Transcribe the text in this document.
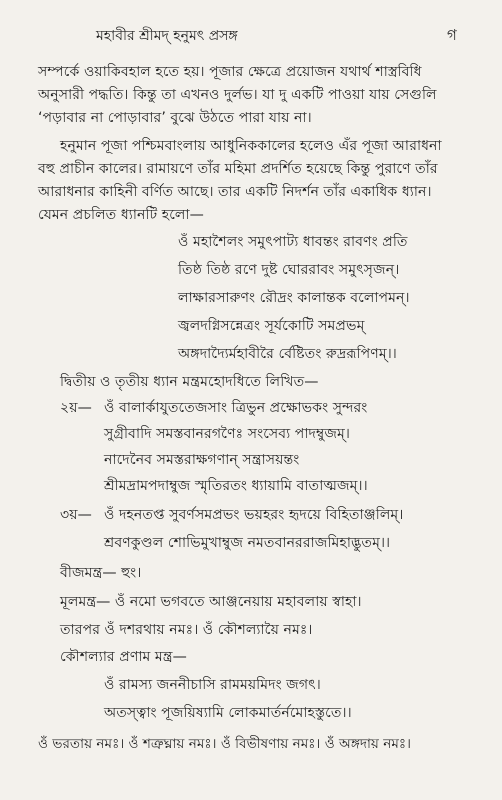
মহাবীর শ্রীমদ্‌ হনুমৎ প্রসঙ্গ	গ
সম্পর্কে ওয়াকিবহাল হতে হয়। পূজার ক্ষেত্রে প্রয়োজন যথার্থ শাস্ত্রবিধি
অনুসারী পদ্ধতি। কিন্তু তা এখনও দুর্লভ। যা দু একটি পাওয়া যায় সেগুলি
‘পড়াবার না পোড়াবার’ বুঝে উঠতে পারা যায় না।
হনুমান পূজা পশ্চিমবাংলায় আধুনিককালের হলেও এঁর পূজা আরাধনা
বহু প্রাচীন কালের। রামায়ণে তাঁর মহিমা প্রদর্শিত হয়েছে কিন্তু পুরাণে তাঁর
আরাধনার কাহিনী বর্ণিত আছে। তার একটি নিদর্শন তাঁর একাধিক ধ্যান।
যেমন প্রচলিত ধ্যানটি হলো—
ওঁ মহাশৈলং সমুৎপাট্য ধাবন্তং রাবণং প্রতি
তিষ্ঠ তিষ্ঠ রণে দুষ্ট ঘোররাবং সমুৎসৃজন্‌।
লাক্ষারসারুণং রৌদ্রং কালান্তক বলোপমন্‌।
জ্বলদগ্নিসন্নেত্রং সূর্যকোটি সমপ্রভম্‌
অঙ্গদাদ্যৈর্মহাবীরৈ র্বেষ্টিতং রুদ্ররূপিণম্‌।।
দ্বিতীয় ও তৃতীয় ধ্যান মন্ত্রমহোদধিতে লিখিত—
২য়— ওঁ বালার্কাযুততেজসাং ত্রিভুন প্রক্ষোভকং সুন্দরং
সুগ্রীবাদি সমস্তবানরগণৈঃ সংসেব্য পাদম্বুজম্‌।
নাদেনৈব সমস্তরাক্ষগণান্‌ সন্ত্রাসয়ন্তং
শ্রীমদ্রামপদাম্বুজ স্মৃতিরতং ধ্যায়ামি বাতাত্মজম্‌।।
৩য়— ওঁ দহনতপ্ত সুবর্ণসমপ্রভং ভয়হরং হৃদয়ে বিহিতাঞ্জলিম্‌।
শ্রবণকুণ্ডল শোভিমুখাম্বুজ নমতবানররাজমিহাদ্ভুতম্‌।।
বীজমন্ত্র— হুং।
মূলমন্ত্র— ওঁ নমো ভগবতে আঞ্জনেয়ায় মহাবলায় স্বাহা।
তারপর ওঁ দশরথায় নমঃ। ওঁ কৌশল্যায়ৈ নমঃ।
কৌশল্যার প্রণাম মন্ত্র—
ওঁ রামস্য জননীচাসি রামময়মিদং জগৎ।
অতস্ত্বাং পূজয়িষ্যামি লোকমার্তর্নমোহস্তুতে।।
ওঁ ভরতায় নমঃ। ওঁ শত্রুঘ্নায় নমঃ। ওঁ বিভীষণায় নমঃ। ওঁ অঙ্গদায় নমঃ।
